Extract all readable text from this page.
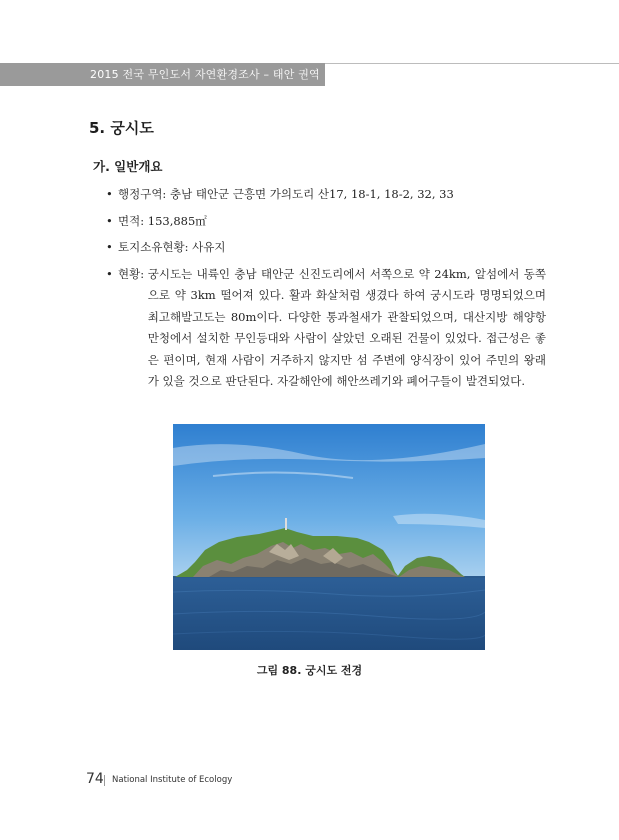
2015 전국 무인도서 자연환경조사 – 태안 권역
5. 궁시도
가. 일반개요
• 행정구역: 충남 태안군 근흥면 가의도리 산17, 18-1, 18-2, 32, 33
• 면적: 153,885㎡
• 토지소유현황: 사유지
• 현황: 궁시도는 내륙인 충남 태안군 신진도리에서 서쪽으로 약 24km, 알섬에서 동쪽으로 약 3km 떨어져 있다. 활과 화살처럼 생겼다 하여 궁시도라 명명되었으며 최고해발고도는 80m이다. 다양한 통과철새가 관찰되었으며, 대산지방 해양항만청에서 설치한 무인등대와 사람이 살았던 오래된 건물이 있었다. 접근성은 좋은 편이며, 현재 사람이 거주하지 않지만 섬 주변에 양식장이 있어 주민의 왕래가 있을 것으로 판단된다. 자갈해안에 해안쓰레기와 폐어구들이 발견되었다.
그림 88. 궁시도 전경
74 National Institute of Ecology
